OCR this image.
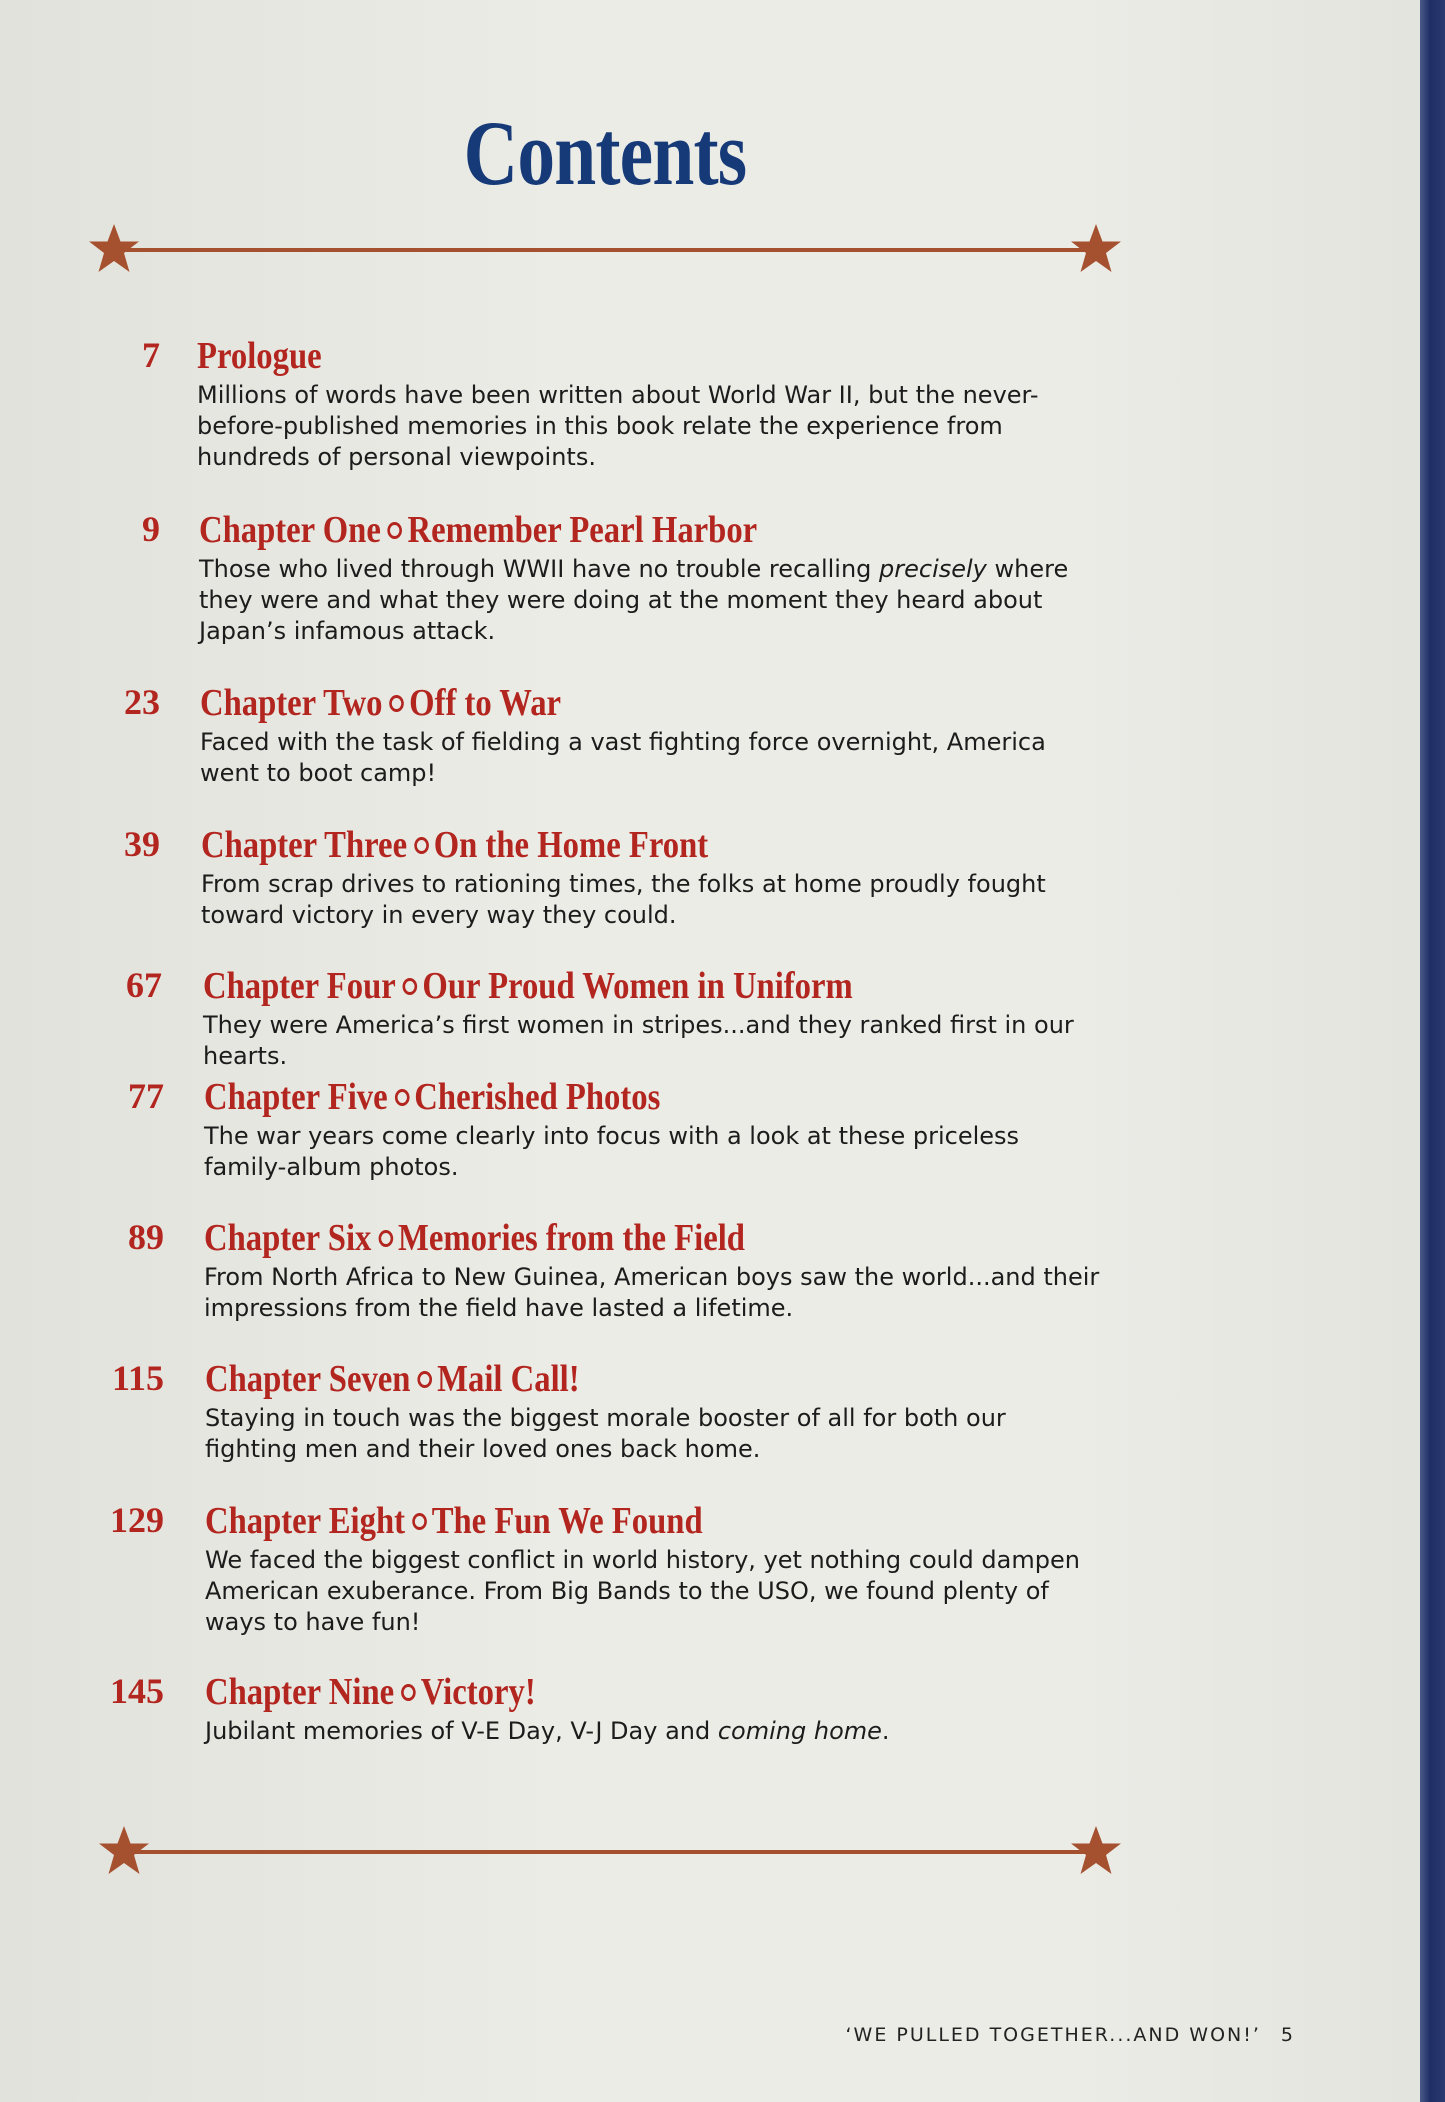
Contents
7 Prologue
Millions of words have been written about World War II, but the never-before-published memories in this book relate the experience from hundreds of personal viewpoints.
9 Chapter One Remember Pearl Harbor
Those who lived through WWII have no trouble recalling precisely where they were and what they were doing at the moment they heard about Japan’s infamous attack.
23 Chapter Two Off to War
Faced with the task of fielding a vast fighting force overnight, America went to boot camp!
39 Chapter Three On the Home Front
From scrap drives to rationing times, the folks at home proudly fought toward victory in every way they could.
67 Chapter Four Our Proud Women in Uniform
They were America’s first women in stripes...and they ranked first in our hearts.
77 Chapter Five Cherished Photos
The war years come clearly into focus with a look at these priceless family-album photos.
89 Chapter Six Memories from the Field
From North Africa to New Guinea, American boys saw the world...and their impressions from the field have lasted a lifetime.
115 Chapter Seven Mail Call!
Staying in touch was the biggest morale booster of all for both our fighting men and their loved ones back home.
129 Chapter Eight The Fun We Found
We faced the biggest conflict in world history, yet nothing could dampen American exuberance. From Big Bands to the USO, we found plenty of ways to have fun!
145 Chapter Nine Victory!
Jubilant memories of V-E Day, V-J Day and coming home.
‘WE PULLED TOGETHER...AND WON!’ 5
